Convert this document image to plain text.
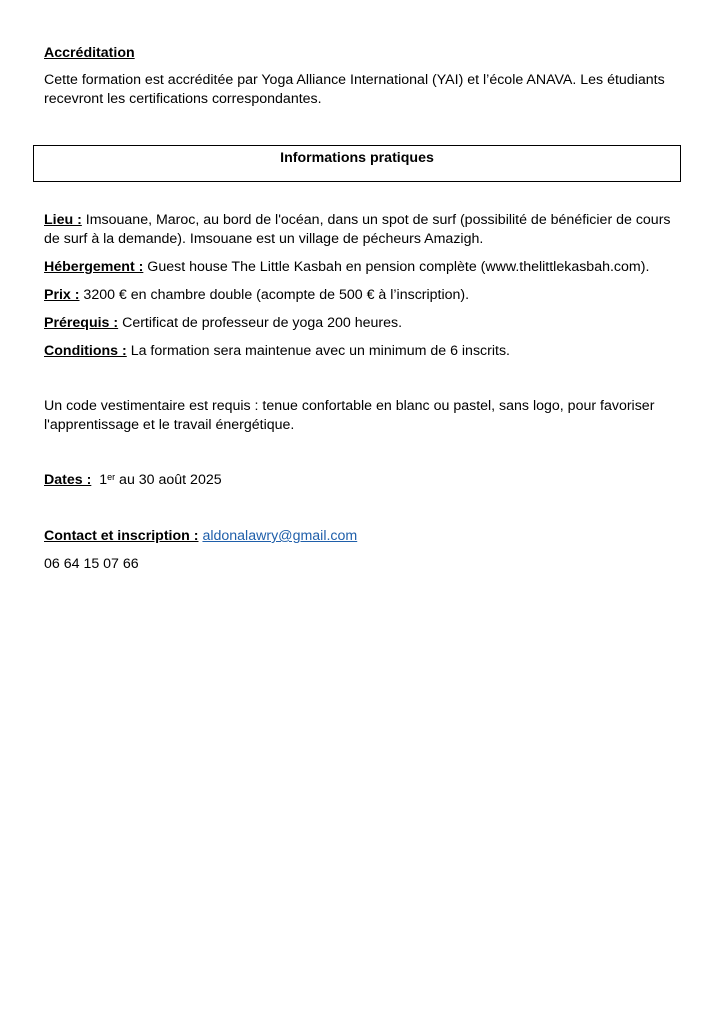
Accréditation
Cette formation est accréditée par Yoga Alliance International (YAI) et l’école ANAVA. Les étudiants recevront les certifications correspondantes.
Informations pratiques
Lieu : Imsouane, Maroc, au bord de l'océan, dans un spot de surf (possibilité de bénéficier de cours de surf à la demande). Imsouane est un village de pécheurs Amazigh.
Hébergement : Guest house The Little Kasbah en pension complète (www.thelittlekasbah.com).
Prix : 3200 € en chambre double (acompte de 500 € à l’inscription).
Prérequis : Certificat de professeur de yoga 200 heures.
Conditions : La formation sera maintenue avec un minimum de 6 inscrits.
Un code vestimentaire est requis : tenue confortable en blanc ou pastel, sans logo, pour favoriser l'apprentissage et le travail énergétique.
Dates : 1er au 30 août 2025
Contact et inscription : aldonalawry@gmail.com
06 64 15 07 66
